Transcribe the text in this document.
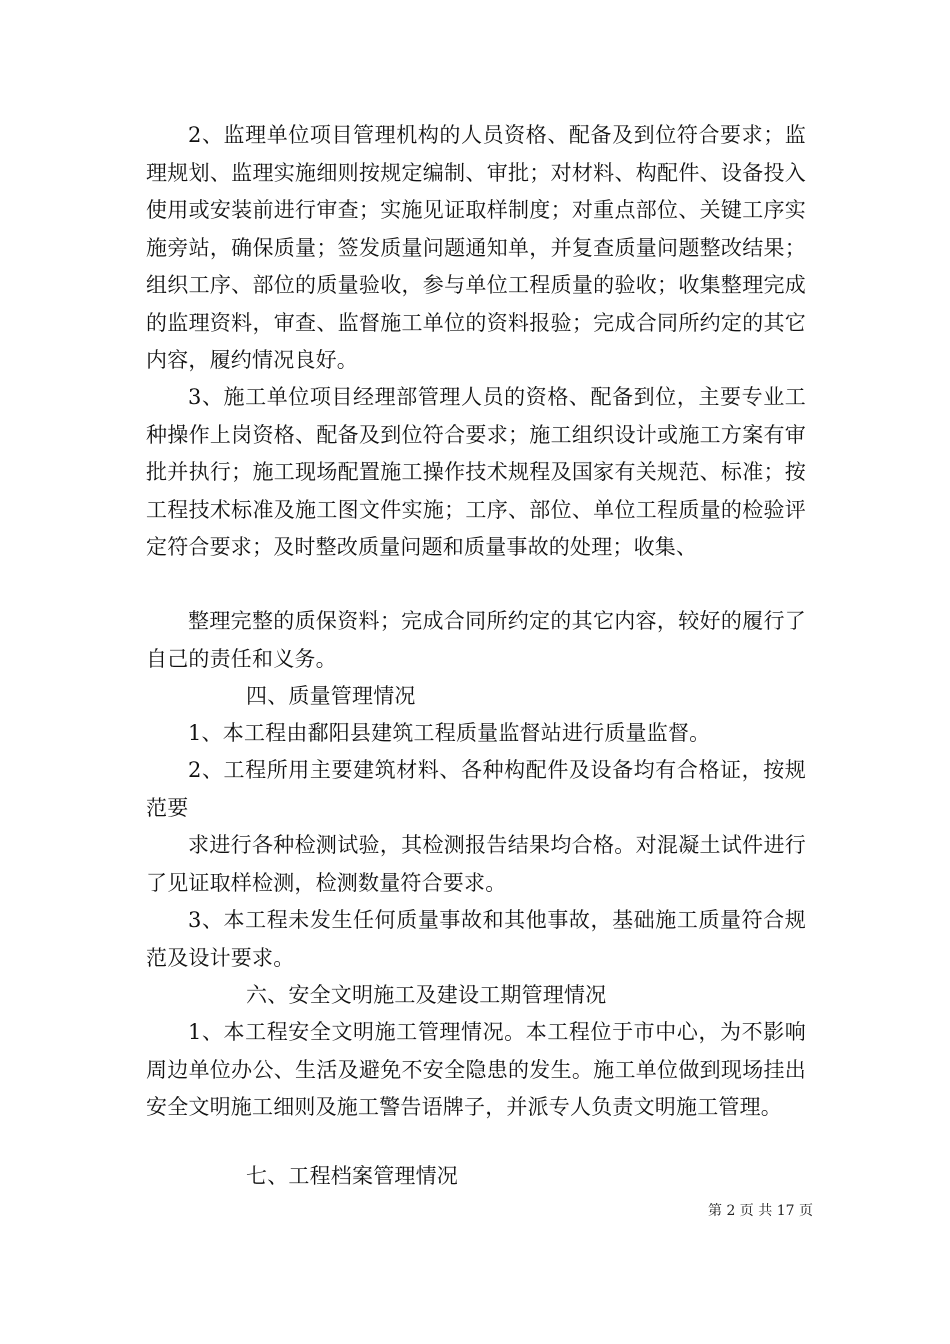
2、监理单位项目管理机构的人员资格、配备及到位符合要求；监理规划、监理实施细则按规定编制、审批；对材料、构配件、设备投入使用或安装前进行审查；实施见证取样制度；对重点部位、关键工序实施旁站，确保质量；签发质量问题通知单，并复查质量问题整改结果；组织工序、部位的质量验收，参与单位工程质量的验收；收集整理完成的监理资料，审查、监督施工单位的资料报验；完成合同所约定的其它内容，履约情况良好。

3、施工单位项目经理部管理人员的资格、配备到位，主要专业工种操作上岗资格、配备及到位符合要求；施工组织设计或施工方案有审批并执行；施工现场配置施工操作技术规程及国家有关规范、标准；按工程技术标准及施工图文件实施；工序、部位、单位工程质量的检验评定符合要求；及时整改质量问题和质量事故的处理；收集、

整理完整的质保资料；完成合同所约定的其它内容，较好的履行了自己的责任和义务。

四、质量管理情况

1、本工程由鄱阳县建筑工程质量监督站进行质量监督。

2、工程所用主要建筑材料、各种构配件及设备均有合格证，按规范要

求进行各种检测试验，其检测报告结果均合格。对混凝土试件进行了见证取样检测，检测数量符合要求。

3、本工程未发生任何质量事故和其他事故，基础施工质量符合规范及设计要求。

六、安全文明施工及建设工期管理情况

1、本工程安全文明施工管理情况。本工程位于市中心，为不影响周边单位办公、生活及避免不安全隐患的发生。施工单位做到现场挂出安全文明施工细则及施工警告语牌子，并派专人负责文明施工管理。

七、工程档案管理情况

第 2 页 共 17 页
